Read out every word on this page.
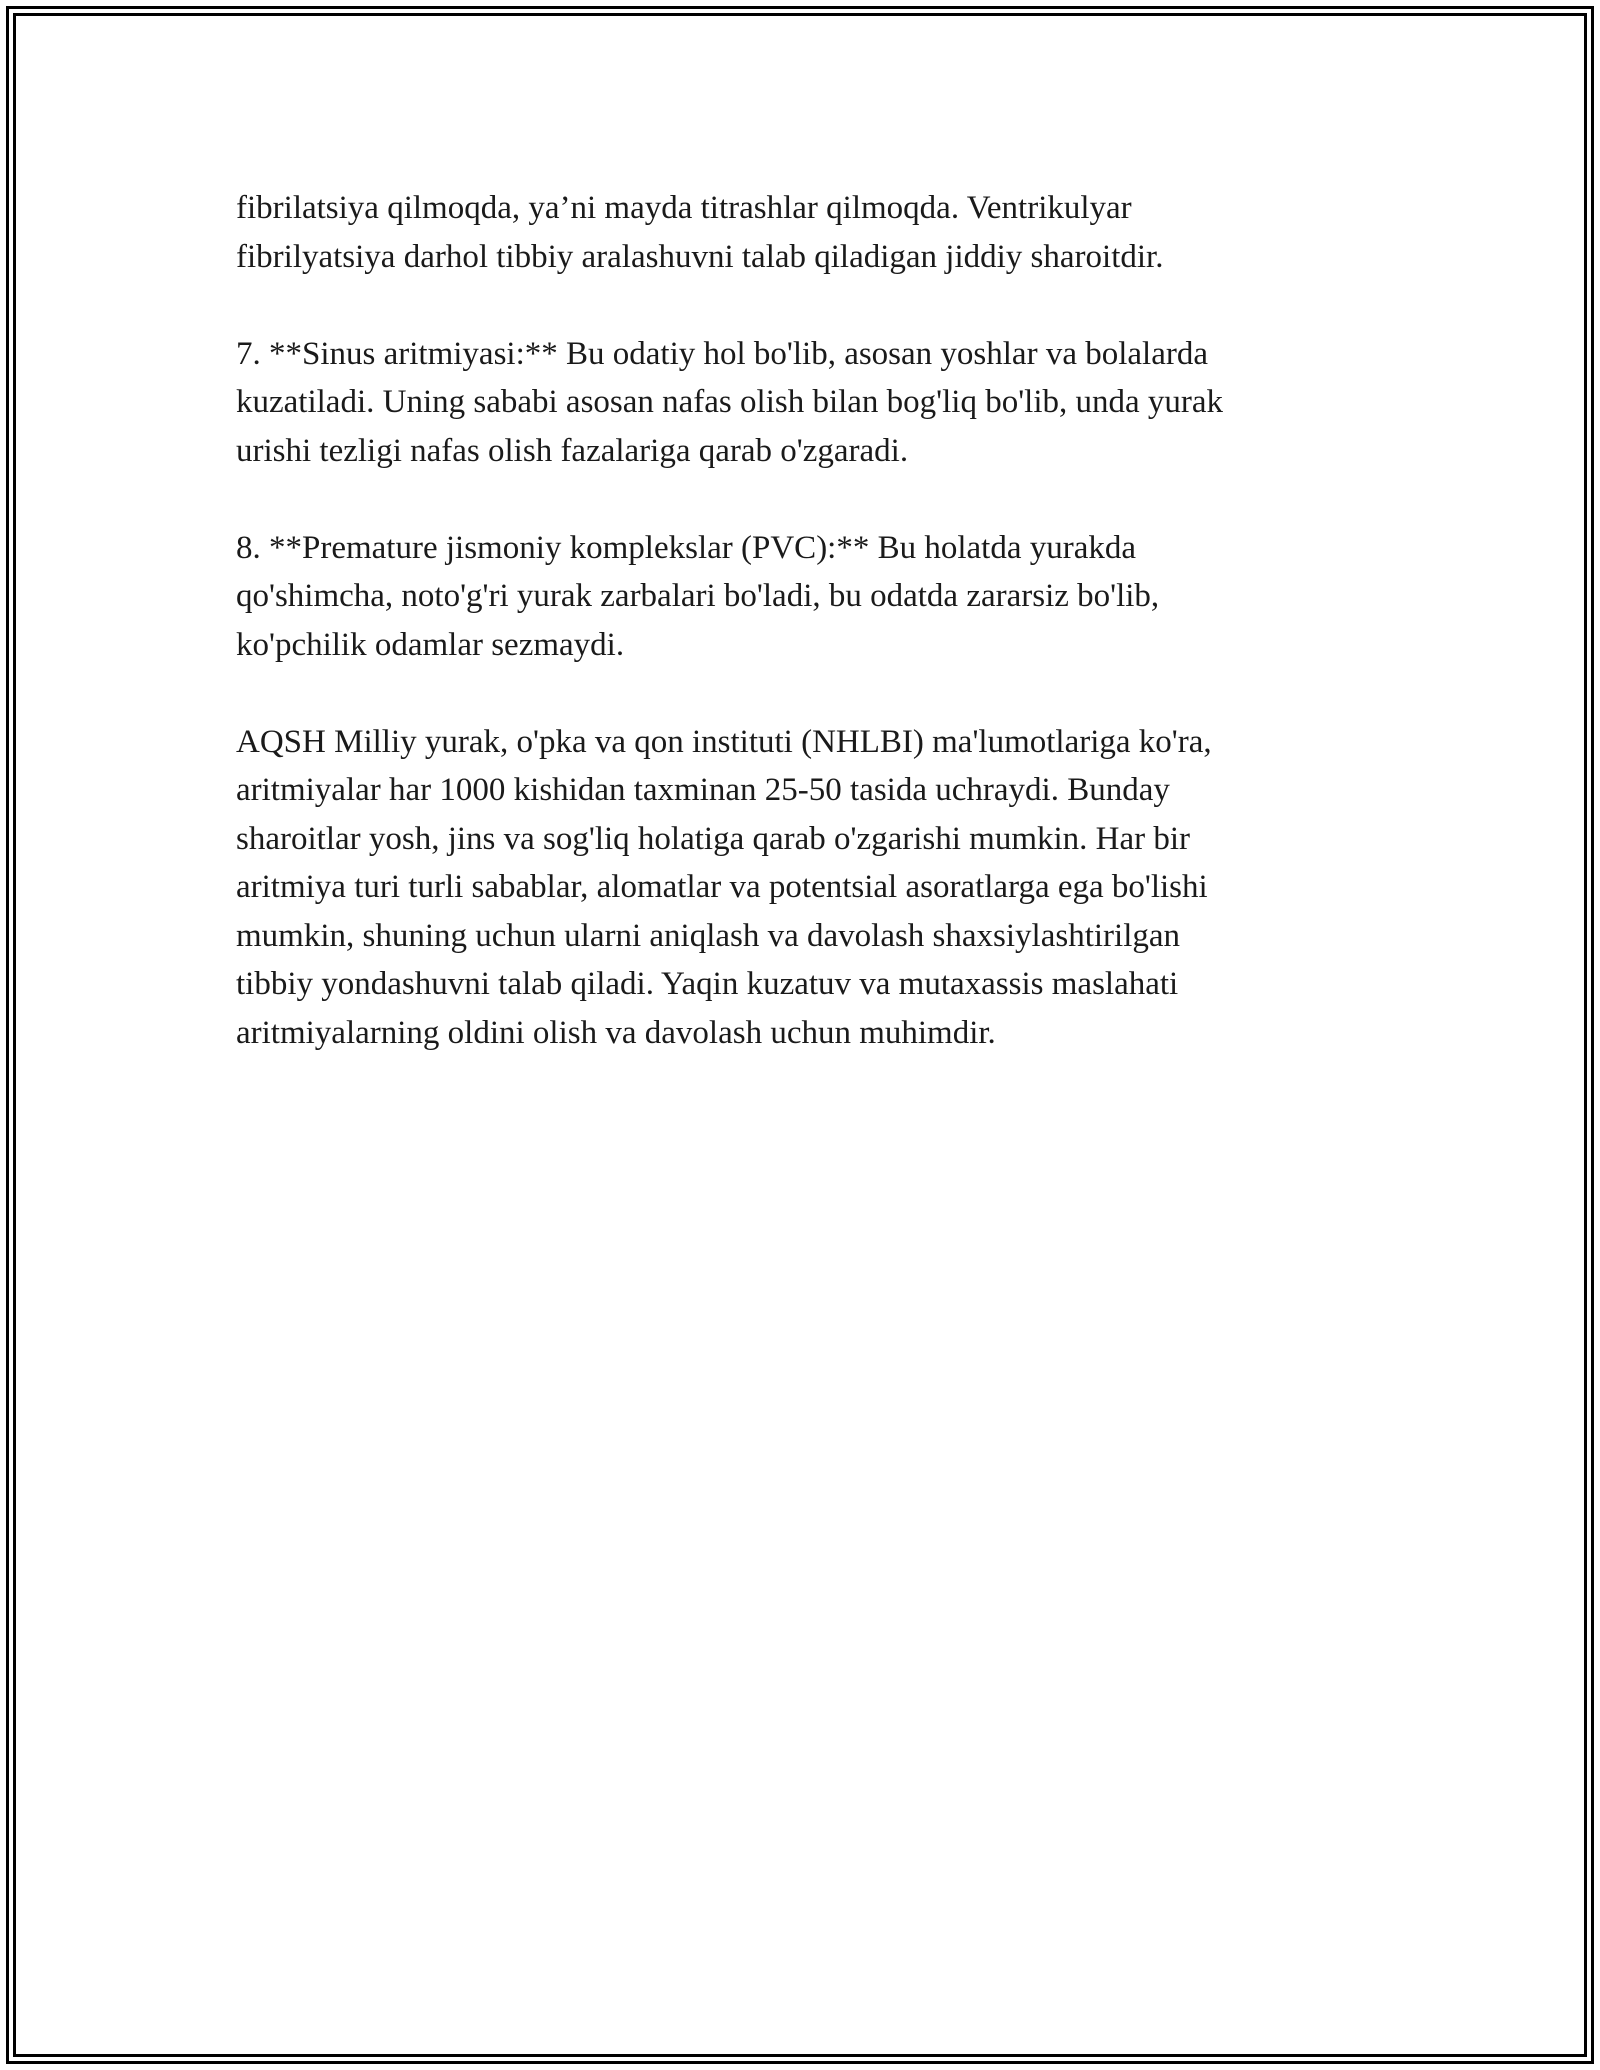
fibrilatsiya qilmoqda, ya’ni mayda titrashlar qilmoqda. Ventrikulyar
fibrilyatsiya darhol tibbiy aralashuvni talab qiladigan jiddiy sharoitdir.

7. **Sinus aritmiyasi:** Bu odatiy hol bo'lib, asosan yoshlar va bolalarda
kuzatiladi. Uning sababi asosan nafas olish bilan bog'liq bo'lib, unda yurak
urishi tezligi nafas olish fazalariga qarab o'zgaradi.

8. **Premature jismoniy komplekslar (PVC):** Bu holatda yurakda
qo'shimcha, noto'g'ri yurak zarbalari bo'ladi, bu odatda zararsiz bo'lib,
ko'pchilik odamlar sezmaydi.

AQSH Milliy yurak, o'pka va qon instituti (NHLBI) ma'lumotlariga ko'ra,
aritmiyalar har 1000 kishidan taxminan 25-50 tasida uchraydi. Bunday
sharoitlar yosh, jins va sog'liq holatiga qarab o'zgarishi mumkin. Har bir
aritmiya turi turli sabablar, alomatlar va potentsial asoratlarga ega bo'lishi
mumkin, shuning uchun ularni aniqlash va davolash shaxsiylashtirilgan
tibbiy yondashuvni talab qiladi. Yaqin kuzatuv va mutaxassis maslahati
aritmiyalarning oldini olish va davolash uchun muhimdir.
